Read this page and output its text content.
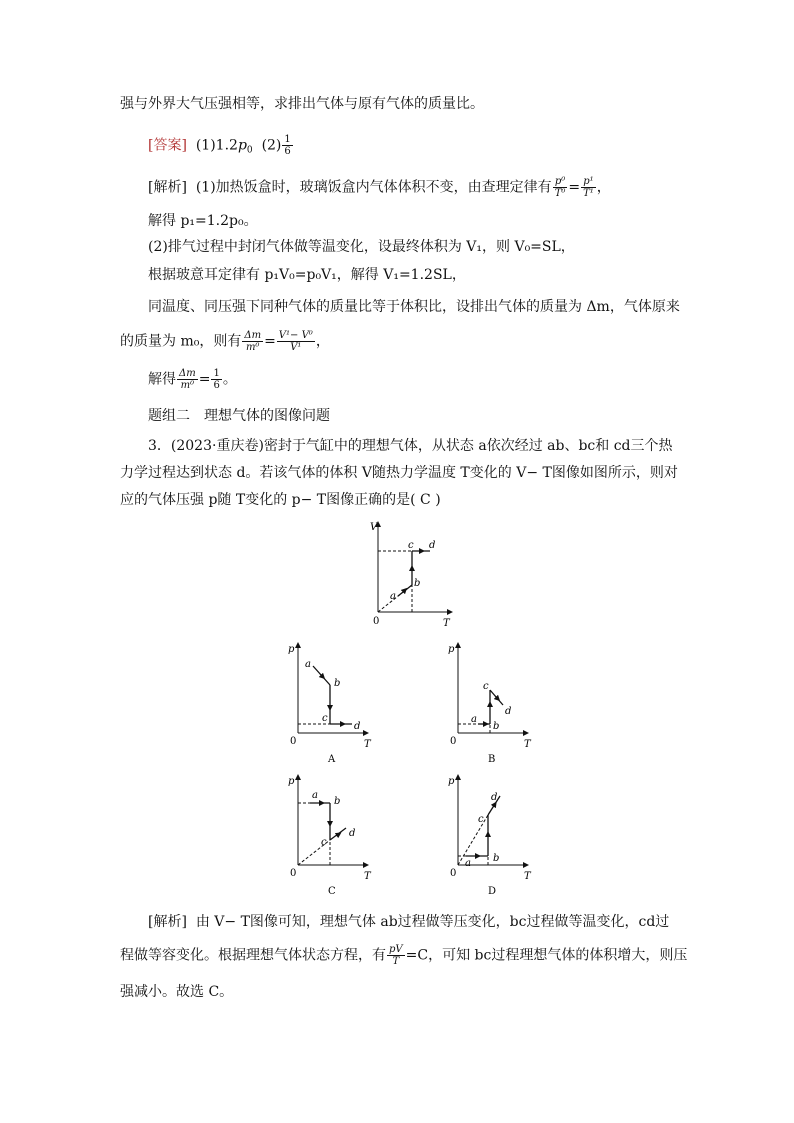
强与外界大气压强相等，求排出气体与原有气体的质量比。
[答案] $(1)1.2p_0$ $(2) \frac{1}{6}$
[解析] (1)加热饭盒时，玻璃饭盒内气体体积不变，由查理定律有 $\frac{\text{p⁰}}{\text{T⁰}} = \frac{\text{p¹}}{\text{T¹}}$ ，
解得 p₁=1.2p₀。
(2)排气过程中封闭气体做等温变化，设最终体积为 V₁，则 V₀=SL，
根据玻意耳定律有 p₁V₀=p₀V₁，解得 V₁=1.2SL，
同温度、同压强下同种气体的质量比等于体积比，设排出气体的质量为 Δm，气体原来
的质量为 m₀，则有 $\frac{\Delta m}{\text{m⁰}} = \frac{\text{V¹− V⁰}}{\text{V¹}}$ ，
解得 $\frac{\Delta m}{\text{m⁰}} = \frac{1}{6}$ 。
题组二　理想气体的图像问题
3．(2023·重庆卷)密封于气缸中的理想气体，从状态 a依次经过 ab、bc和 cd三个热
力学过程达到状态 d。若该气体的体积 V随热力学温度 T变化的 V− T图像如图所示，则对
应的气体压强 p随 T变化的 p− T图像正确的是( C )
V
T
0
a
b
c d
p
T
0
a
b
c
d
A
p
T
0
a
b
c
d
B
p
T
0
a
b
c
d
C
p
T
0
a b
c
d
D
[解析] 由 V− T图像可知，理想气体 ab过程做等压变化，bc过程做等温变化，cd过
程做等容变化。根据理想气体状态方程，有 $\frac{pV}{T} =C$，可知 bc过程理想气体的体积增大，则压
强减小。故选 C。
